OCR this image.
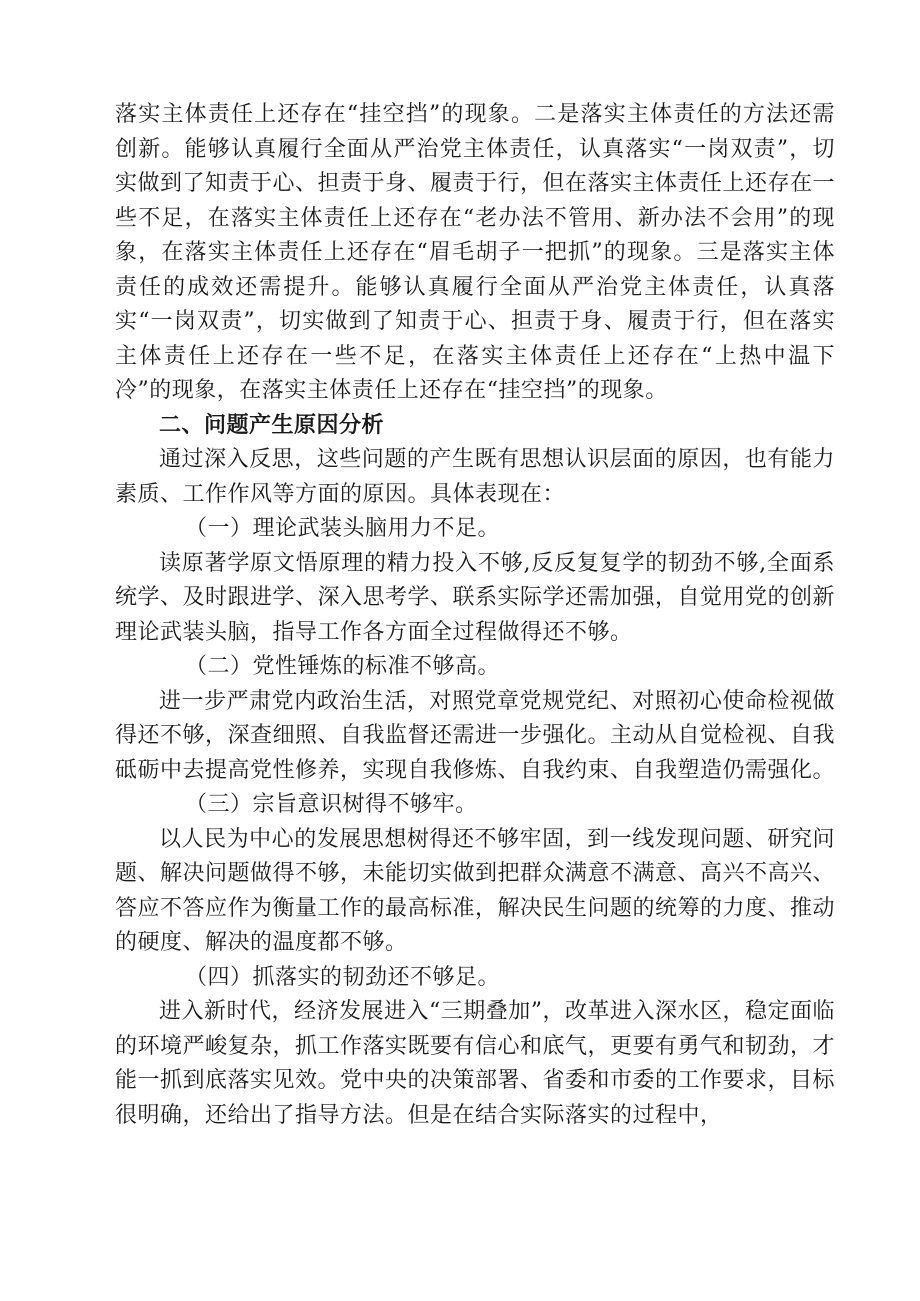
落实主体责任上还存在“挂空挡”的现象。二是落实主体责任的方法还需创新。能够认真履行全面从严治党主体责任，认真落实“一岗双责”，切实做到了知责于心、担责于身、履责于行，但在落实主体责任上还存在一些不足，在落实主体责任上还存在“老办法不管用、新办法不会用”的现象，在落实主体责任上还存在“眉毛胡子一把抓”的现象。三是落实主体责任的成效还需提升。能够认真履行全面从严治党主体责任，认真落实“一岗双责”，切实做到了知责于心、担责于身、履责于行，但在落实主体责任上还存在一些不足，在落实主体责任上还存在“上热中温下冷”的现象，在落实主体责任上还存在“挂空挡”的现象。

二、问题产生原因分析

通过深入反思，这些问题的产生既有思想认识层面的原因，也有能力素质、工作作风等方面的原因。具体表现在：

（一）理论武装头脑用力不足。

读原著学原文悟原理的精力投入不够,反反复复学的韧劲不够,全面系统学、及时跟进学、深入思考学、联系实际学还需加强，自觉用党的创新理论武装头脑，指导工作各方面全过程做得还不够。

（二）党性锤炼的标准不够高。

进一步严肃党内政治生活，对照党章党规党纪、对照初心使命检视做得还不够，深查细照、自我监督还需进一步强化。主动从自觉检视、自我砥砺中去提高党性修养，实现自我修炼、自我约束、自我塑造仍需强化。

（三）宗旨意识树得不够牢。

以人民为中心的发展思想树得还不够牢固，到一线发现问题、研究问题、解决问题做得不够，未能切实做到把群众满意不满意、高兴不高兴、答应不答应作为衡量工作的最高标准，解决民生问题的统筹的力度、推动的硬度、解决的温度都不够。

（四）抓落实的韧劲还不够足。

进入新时代，经济发展进入“三期叠加”，改革进入深水区，稳定面临的环境严峻复杂，抓工作落实既要有信心和底气，更要有勇气和韧劲，才能一抓到底落实见效。党中央的决策部署、省委和市委的工作要求，目标很明确，还给出了指导方法。但是在结合实际落实的过程中，
